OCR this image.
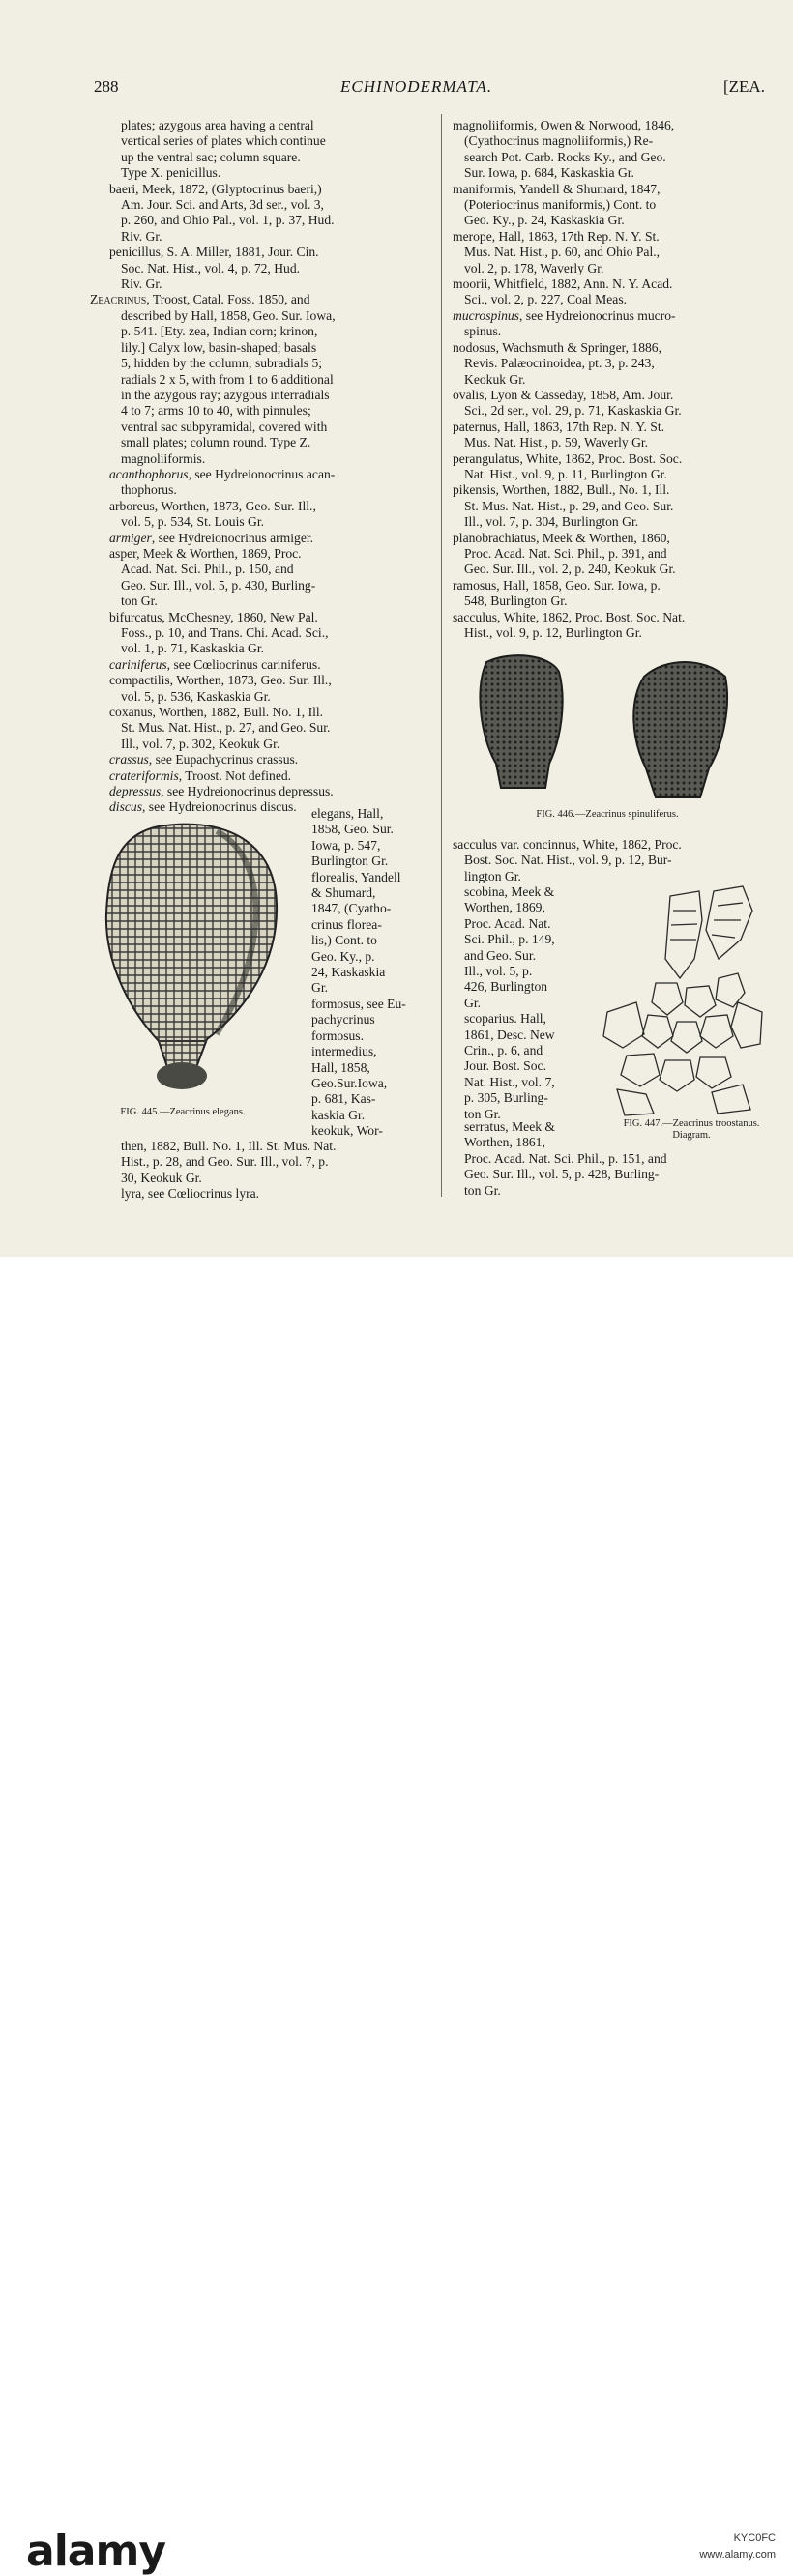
288	ECHINODERMATA.	[ZEA.

plates; azygous area having a central

vertical series of plates which continue

up the ventral sac; column square.

Type X. penicillus.

baeri, Meek, 1872, (Glyptocrinus baeri,)

Am. Jour. Sci. and Arts, 3d ser., vol. 3,

p. 260, and Ohio Pal., vol. 1, p. 37, Hud.

Riv. Gr.

penicillus, S. A. Miller, 1881, Jour. Cin.

Soc. Nat. Hist., vol. 4, p. 72, Hud.

Riv. Gr.

Zeacrinus, Troost, Catal. Foss. 1850, and

described by Hall, 1858, Geo. Sur. Iowa,

p. 541. [Ety. zea, Indian corn; krinon,

lily.] Calyx low, basin-shaped; basals

5, hidden by the column; subradials 5;

radials 2 x 5, with from 1 to 6 additional

in the azygous ray; azygous interradials

4 to 7; arms 10 to 40, with pinnules;

ventral sac subpyramidal, covered with

small plates; column round. Type Z.

magnoliiformis.

acanthophorus, see Hydreionocrinus acan-

thophorus.

arboreus, Worthen, 1873, Geo. Sur. Ill.,

vol. 5, p. 534, St. Louis Gr.

armiger, see Hydreionocrinus armiger.

asper, Meek & Worthen, 1869, Proc.

Acad. Nat. Sci. Phil., p. 150, and

Geo. Sur. Ill., vol. 5, p. 430, Burling-

ton Gr.

bifurcatus, McChesney, 1860, New Pal.

Foss., p. 10, and Trans. Chi. Acad. Sci.,

vol. 1, p. 71, Kaskaskia Gr.

cariniferus, see Cœliocrinus cariniferus.

compactilis, Worthen, 1873, Geo. Sur. Ill.,

vol. 5, p. 536, Kaskaskia Gr.

coxanus, Worthen, 1882, Bull. No. 1, Ill.

St. Mus. Nat. Hist., p. 27, and Geo. Sur.

Ill., vol. 7, p. 302, Keokuk Gr.

crassus, see Eupachycrinus crassus.

crateriformis, Troost. Not defined.

depressus, see Hydreionocrinus depressus.

discus, see Hydreionocrinus discus.

FIG. 445.—Zeacrinus elegans.

elegans, Hall,

1858, Geo. Sur.

Iowa, p. 547,

Burlington Gr.

florealis, Yandell

& Shumard,

1847, (Cyatho-

crinus florea-

lis,) Cont. to

Geo. Ky., p.

24, Kaskaskia

Gr.

formosus, see Eu-

pachycrinus

formosus.

intermedius,

Hall, 1858,

Geo.Sur.Iowa,

p. 681, Kas-

kaskia Gr.

keokuk, Wor-

then, 1882, Bull. No. 1, Ill. St. Mus. Nat.

Hist., p. 28, and Geo. Sur. Ill., vol. 7, p.

30, Keokuk Gr.

lyra, see Cœliocrinus lyra.

magnoliiformis, Owen & Norwood, 1846,

(Cyathocrinus magnoliiformis,) Re-

search Pot. Carb. Rocks Ky., and Geo.

Sur. Iowa, p. 684, Kaskaskia Gr.

maniformis, Yandell & Shumard, 1847,

(Poteriocrinus maniformis,) Cont. to

Geo. Ky., p. 24, Kaskaskia Gr.

merope, Hall, 1863, 17th Rep. N. Y. St.

Mus. Nat. Hist., p. 60, and Ohio Pal.,

vol. 2, p. 178, Waverly Gr.

moorii, Whitfield, 1882, Ann. N. Y. Acad.

Sci., vol. 2, p. 227, Coal Meas.

mucrospinus, see Hydreionocrinus mucro-

spinus.

nodosus, Wachsmuth & Springer, 1886,

Revis. Palæocrinoidea, pt. 3, p. 243,

Keokuk Gr.

ovalis, Lyon & Casseday, 1858, Am. Jour.

Sci., 2d ser., vol. 29, p. 71, Kaskaskia Gr.

paternus, Hall, 1863, 17th Rep. N. Y. St.

Mus. Nat. Hist., p. 59, Waverly Gr.

perangulatus, White, 1862, Proc. Bost. Soc.

Nat. Hist., vol. 9, p. 11, Burlington Gr.

pikensis, Worthen, 1882, Bull., No. 1, Ill.

St. Mus. Nat. Hist., p. 29, and Geo. Sur.

Ill., vol. 7, p. 304, Burlington Gr.

planobrachiatus, Meek & Worthen, 1860,

Proc. Acad. Nat. Sci. Phil., p. 391, and

Geo. Sur. Ill., vol. 2, p. 240, Keokuk Gr.

ramosus, Hall, 1858, Geo. Sur. Iowa, p.

548, Burlington Gr.

sacculus, White, 1862, Proc. Bost. Soc. Nat.

Hist., vol. 9, p. 12, Burlington Gr.

FIG. 446.—Zeacrinus spinuliferus.

sacculus var. concinnus, White, 1862, Proc.

Bost. Soc. Nat. Hist., vol. 9, p. 12, Bur-

lington Gr.

scobina, Meek &

Worthen, 1869,

Proc. Acad. Nat.

Sci. Phil., p. 149,

and Geo. Sur.

Ill., vol. 5, p.

426, Burlington

Gr.

scoparius. Hall,

1861, Desc. New

Crin., p. 6, and

Jour. Bost. Soc.

Nat. Hist., vol. 7,

p. 305, Burling-

ton Gr.

FIG. 447.—Zeacrinus troostanus. Diagram.

serratus, Meek &

Worthen, 1861,

Proc. Acad. Nat. Sci. Phil., p. 151, and

Geo. Sur. Ill., vol. 5, p. 428, Burling-

ton Gr.

alamy	KYC0FC
www.alamy.com
